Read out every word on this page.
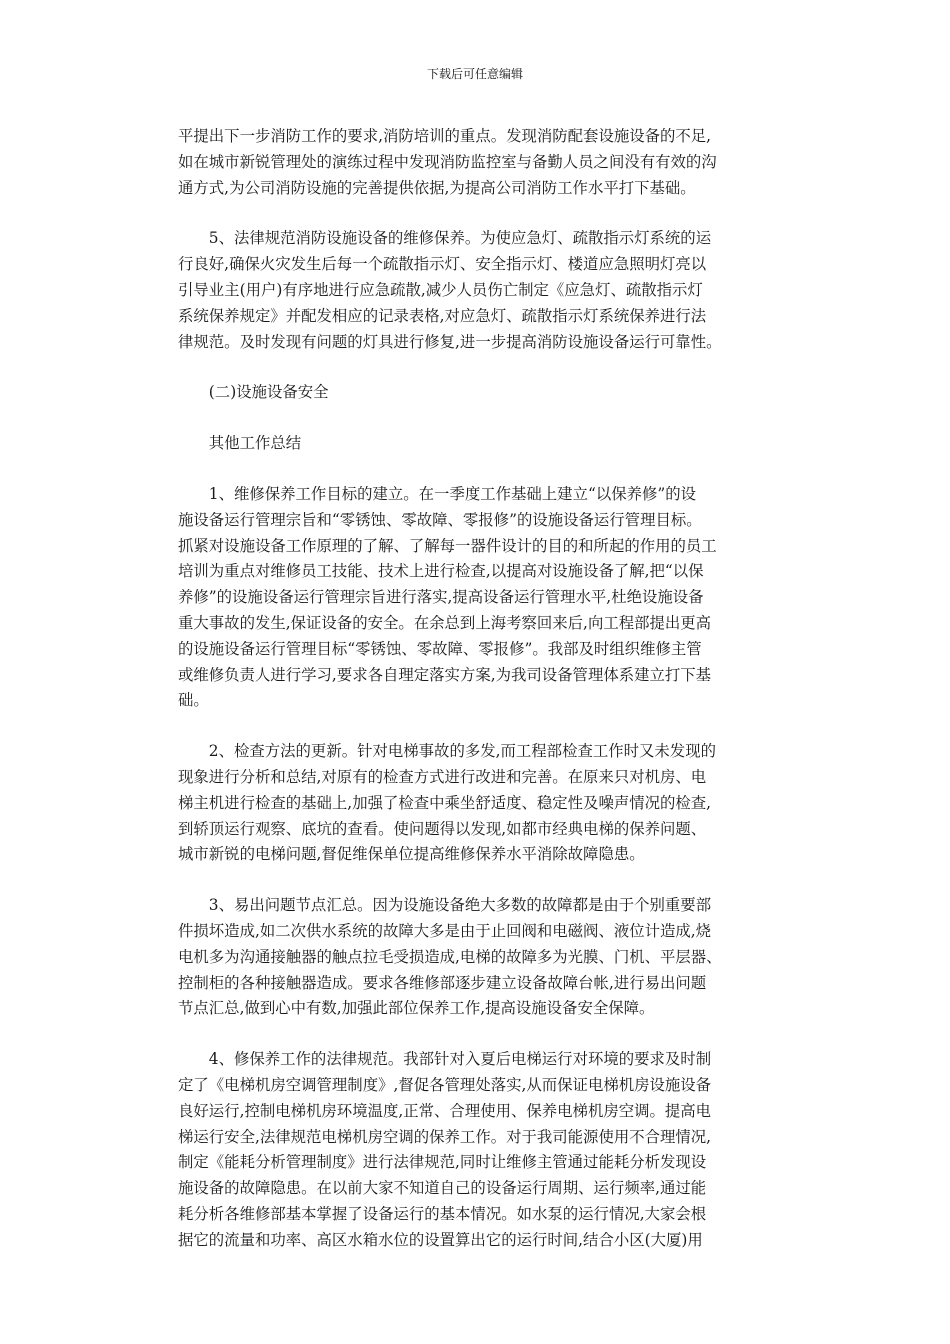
下载后可任意编辑

平提出下一步消防工作的要求,消防培训的重点。发现消防配套设施设备的不足,
如在城市新锐管理处的演练过程中发现消防监控室与备勤人员之间没有有效的沟
通方式,为公司消防设施的完善提供依据,为提高公司消防工作水平打下基础。

5、法律规范消防设施设备的维修保养。为使应急灯、疏散指示灯系统的运
行良好,确保火灾发生后每一个疏散指示灯、安全指示灯、楼道应急照明灯亮以
引导业主(用户)有序地进行应急疏散,减少人员伤亡制定《应急灯、疏散指示灯
系统保养规定》并配发相应的记录表格,对应急灯、疏散指示灯系统保养进行法
律规范。及时发现有问题的灯具进行修复,进一步提高消防设施设备运行可靠性。

(二)设施设备安全

其他工作总结

1、维修保养工作目标的建立。在一季度工作基础上建立“以保养修”的设
施设备运行管理宗旨和“零锈蚀、零故障、零报修”的设施设备运行管理目标。
抓紧对设施设备工作原理的了解、了解每一器件设计的目的和所起的作用的员工
培训为重点对维修员工技能、技术上进行检查,以提高对设施设备了解,把“以保
养修”的设施设备运行管理宗旨进行落实,提高设备运行管理水平,杜绝设施设备
重大事故的发生,保证设备的安全。在余总到上海考察回来后,向工程部提出更高
的设施设备运行管理目标“零锈蚀、零故障、零报修”。我部及时组织维修主管
或维修负责人进行学习,要求各自理定落实方案,为我司设备管理体系建立打下基
础。

2、检查方法的更新。针对电梯事故的多发,而工程部检查工作时又未发现的
现象进行分析和总结,对原有的检查方式进行改进和完善。在原来只对机房、电
梯主机进行检查的基础上,加强了检查中乘坐舒适度、稳定性及噪声情况的检查,
到轿顶运行观察、底坑的查看。使问题得以发现,如都市经典电梯的保养问题、
城市新锐的电梯问题,督促维保单位提高维修保养水平消除故障隐患。

3、易出问题节点汇总。因为设施设备绝大多数的故障都是由于个别重要部
件损坏造成,如二次供水系统的故障大多是由于止回阀和电磁阀、液位计造成,烧
电机多为沟通接触器的触点拉毛受损造成,电梯的故障多为光膜、门机、平层器、
控制柜的各种接触器造成。要求各维修部逐步建立设备故障台帐,进行易出问题
节点汇总,做到心中有数,加强此部位保养工作,提高设施设备安全保障。

4、修保养工作的法律规范。我部针对入夏后电梯运行对环境的要求及时制
定了《电梯机房空调管理制度》,督促各管理处落实,从而保证电梯机房设施设备
良好运行,控制电梯机房环境温度,正常、合理使用、保养电梯机房空调。提高电
梯运行安全,法律规范电梯机房空调的保养工作。对于我司能源使用不合理情况,
制定《能耗分析管理制度》进行法律规范,同时让维修主管通过能耗分析发现设
施设备的故障隐患。在以前大家不知道自己的设备运行周期、运行频率,通过能
耗分析各维修部基本掌握了设备运行的基本情况。如水泵的运行情况,大家会根
据它的流量和功率、高区水箱水位的设置算出它的运行时间,结合小区(大厦)用
